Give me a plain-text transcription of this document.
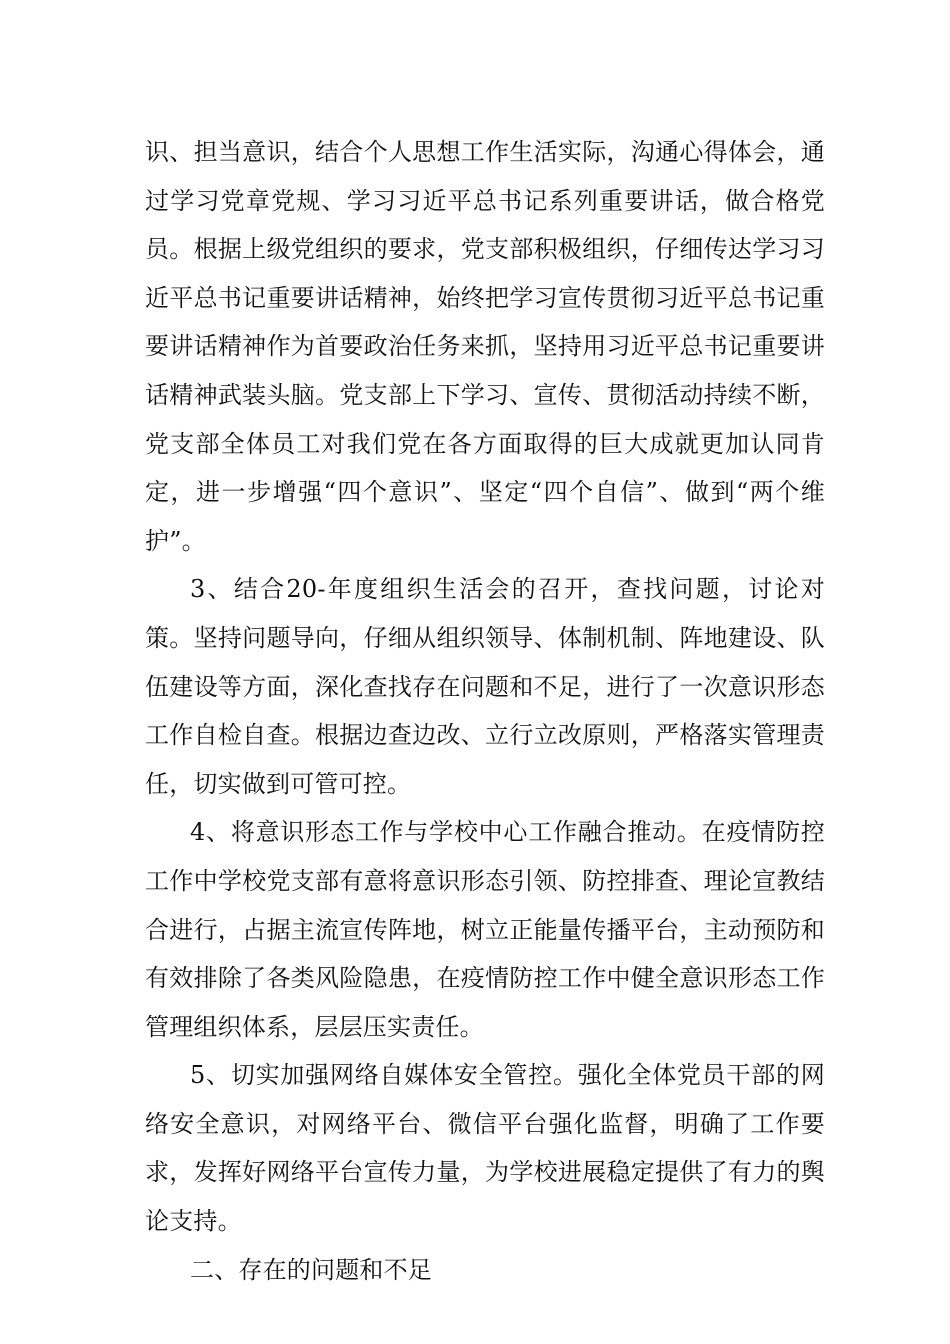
识、担当意识，结合个人思想工作生活实际，沟通心得体会，通过学习党章党规、学习习近平总书记系列重要讲话，做合格党员。根据上级党组织的要求，党支部积极组织，仔细传达学习习近平总书记重要讲话精神，始终把学习宣传贯彻习近平总书记重要讲话精神作为首要政治任务来抓，坚持用习近平总书记重要讲话精神武装头脑。党支部上下学习、宣传、贯彻活动持续不断，党支部全体员工对我们党在各方面取得的巨大成就更加认同肯定，进一步增强“四个意识”、坚定“四个自信”、做到“两个维护”。

3、结合20-年度组织生活会的召开，查找问题，讨论对策。坚持问题导向，仔细从组织领导、体制机制、阵地建设、队伍建设等方面，深化查找存在问题和不足，进行了一次意识形态工作自检自查。根据边查边改、立行立改原则，严格落实管理责任，切实做到可管可控。

4、将意识形态工作与学校中心工作融合推动。在疫情防控工作中学校党支部有意将意识形态引领、防控排查、理论宣教结合进行，占据主流宣传阵地，树立正能量传播平台，主动预防和有效排除了各类风险隐患，在疫情防控工作中健全意识形态工作管理组织体系，层层压实责任。

5、切实加强网络自媒体安全管控。强化全体党员干部的网络安全意识，对网络平台、微信平台强化监督，明确了工作要求，发挥好网络平台宣传力量，为学校进展稳定提供了有力的舆论支持。

二、存在的问题和不足
